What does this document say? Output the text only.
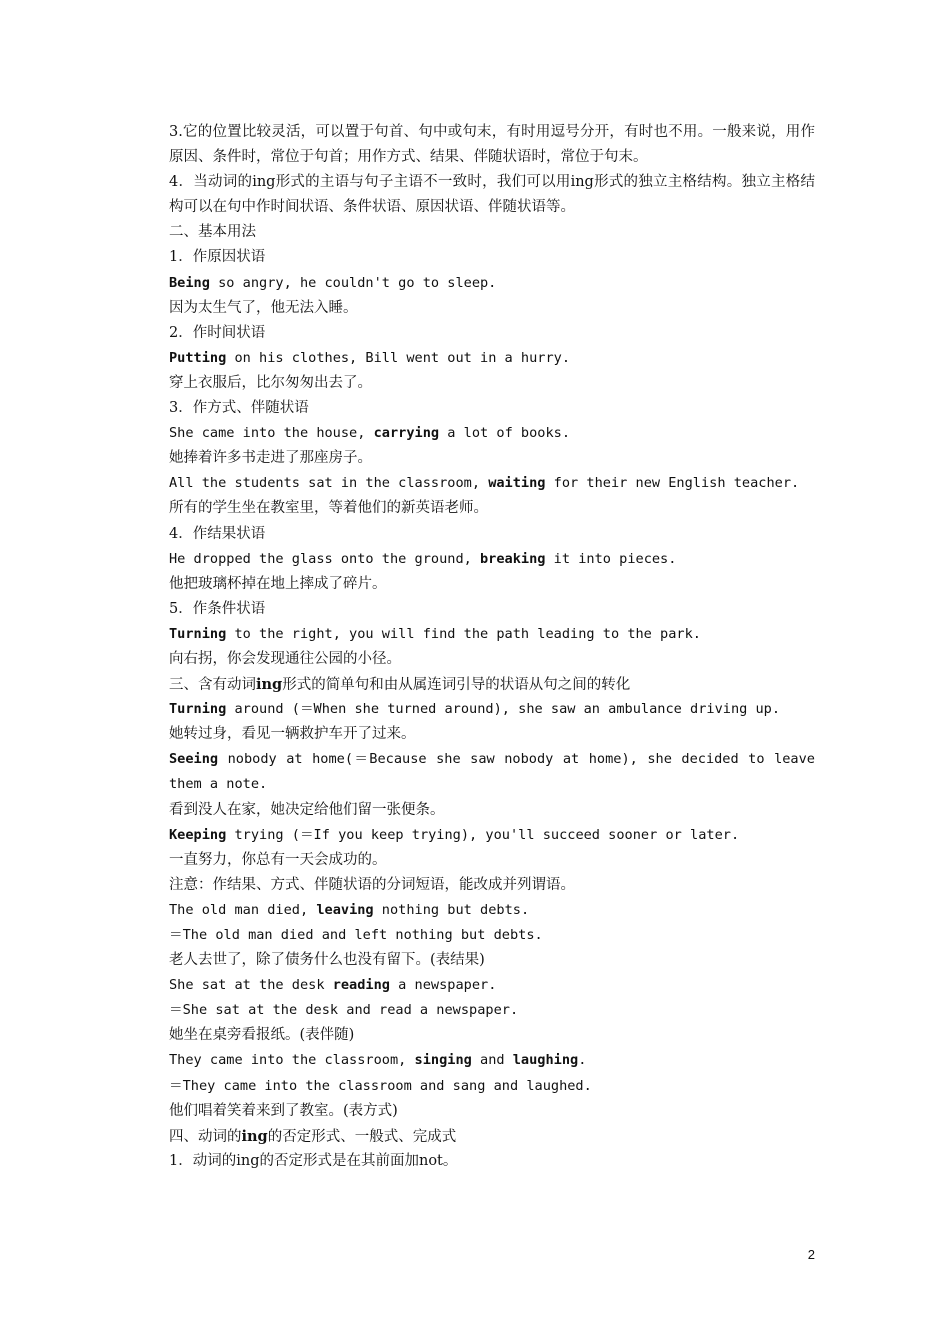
3.它的位置比较灵活，可以置于句首、句中或句末，有时用逗号分开，有时也不用。一般来说，用作原因、条件时，常位于句首；用作方式、结果、伴随状语时，常位于句末。
4．当动词的ing形式的主语与句子主语不一致时，我们可以用ing形式的独立主格结构。独立主格结构可以在句中作时间状语、条件状语、原因状语、伴随状语等。
二、基本用法
1．作原因状语
Being so angry, he couldn't go to sleep.
因为太生气了，他无法入睡。
2．作时间状语
Putting on his clothes, Bill went out in a hurry.
穿上衣服后，比尔匆匆出去了。
3．作方式、伴随状语
She came into the house, carrying a lot of books.
她捧着许多书走进了那座房子。
All the students sat in the classroom, waiting for their new English teacher.
所有的学生坐在教室里，等着他们的新英语老师。
4．作结果状语
He dropped the glass onto the ground, breaking it into pieces.
他把玻璃杯掉在地上摔成了碎片。
5．作条件状语
Turning to the right, you will find the path leading to the park.
向右拐，你会发现通往公园的小径。
三、含有动词ing形式的简单句和由从属连词引导的状语从句之间的转化
Turning around (＝When she turned around), she saw an ambulance driving up.
她转过身，看见一辆救护车开了过来。
Seeing nobody at home(＝Because she saw nobody at home), she decided to leave them a note.
看到没人在家，她决定给他们留一张便条。
Keeping trying (＝If you keep trying), you'll succeed sooner or later.
一直努力，你总有一天会成功的。
注意：作结果、方式、伴随状语的分词短语，能改成并列谓语。
The old man died, leaving nothing but debts.
＝The old man died and left nothing but debts.
老人去世了，除了债务什么也没有留下。(表结果)
She sat at the desk reading a newspaper.
＝She sat at the desk and read a newspaper.
她坐在桌旁看报纸。(表伴随)
They came into the classroom, singing and laughing.
＝They came into the classroom and sang and laughed.
他们唱着笑着来到了教室。(表方式)
四、动词的ing的否定形式、一般式、完成式
1．动词的ing的否定形式是在其前面加not。
2
